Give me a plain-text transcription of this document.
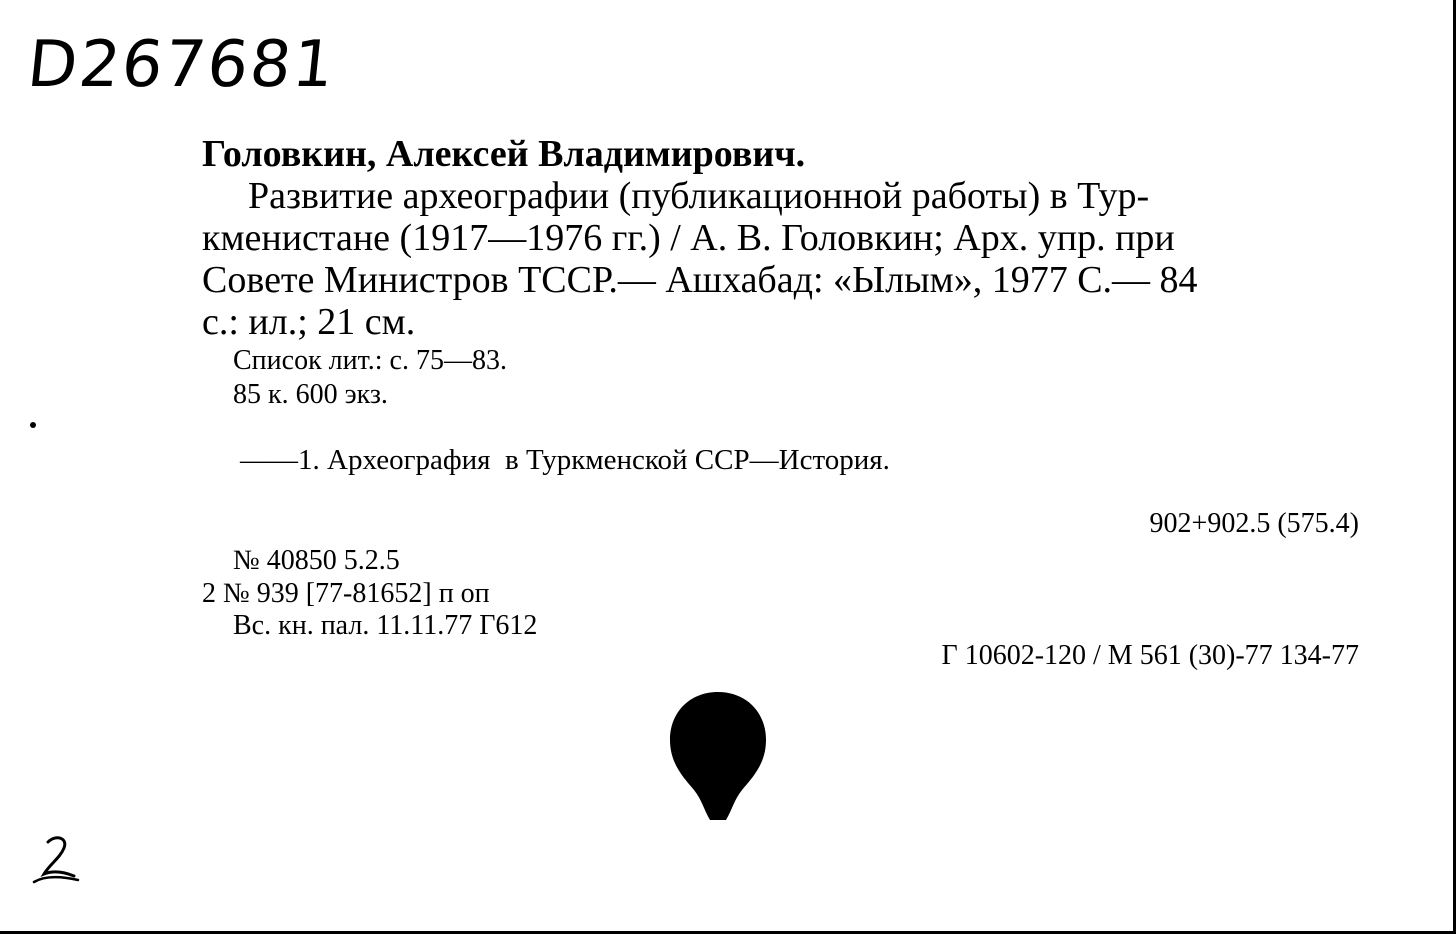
D267681
Головкин, Алексей Владимирович.
Развитие археографии (публикационной работы) в Тур-
кменистане (1917—1976 гг.) / А. В. Головкин; Арх. упр. при
Совете Министров ТССР.— Ашхабад: «Ылым», 1977 С.— 84
с.: ил.; 21 см.
Список лит.: с. 75—83.
85 к. 600 экз.
——1. Археография  в Туркменской ССР—История.
902+902.5 (575.4)
№ 40850 5.2.5
2 № 939 [77-81652] п оп
Вс. кн. пал. 11.11.77 Г612
Г 10602-120 / М 561 (30)-77 134-77
